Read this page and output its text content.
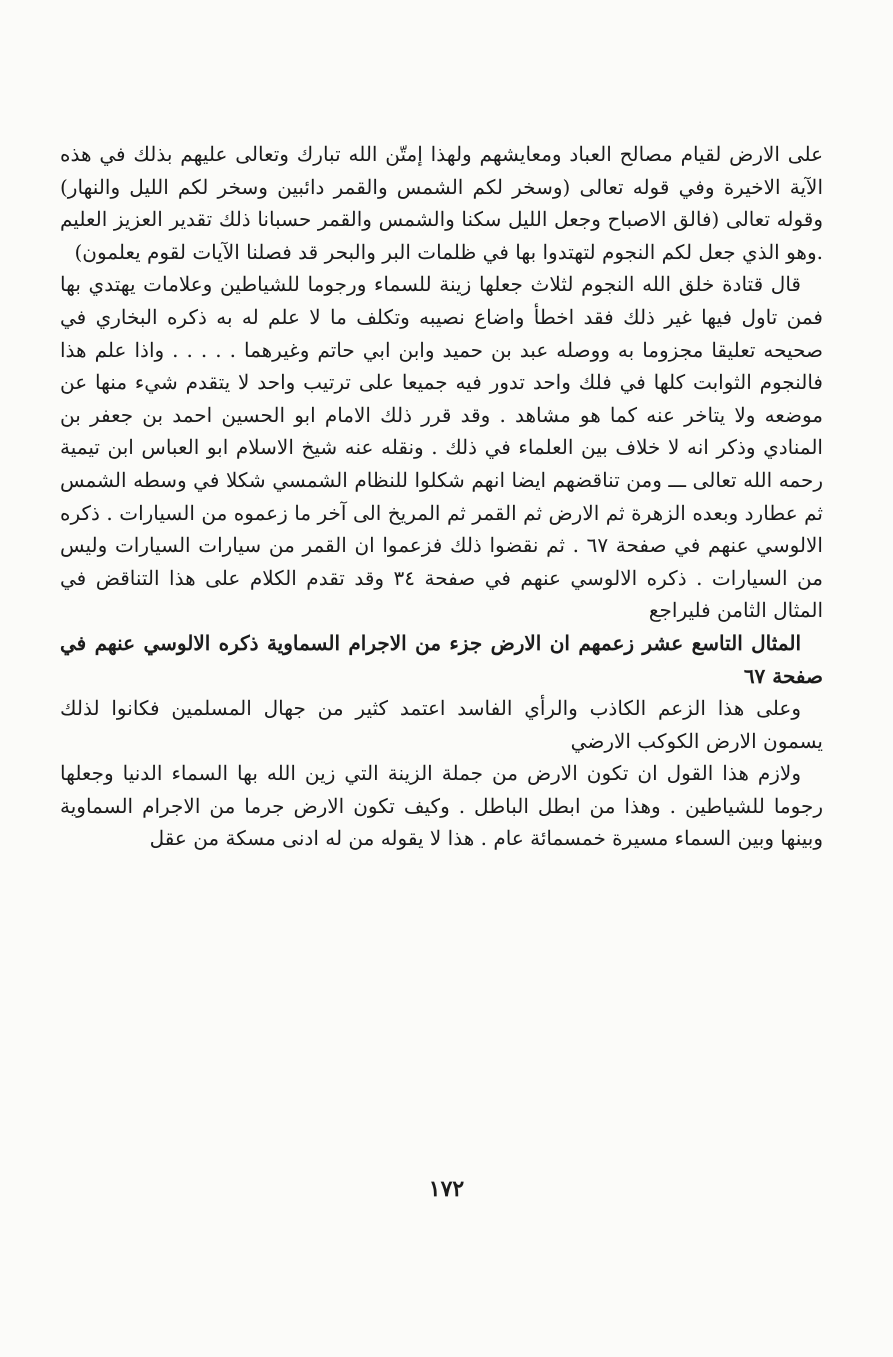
على الارض لقيام مصالح العباد ومعايشهم ولهذا إمتّن الله تبارك وتعالى عليهم بذلك في هذه الآية الاخيرة وفي قوله تعالى (وسخر لكم الشمس والقمر دائبين وسخر لكم الليل والنهار) وقوله تعالى (فالق الاصباح وجعل الليل سكنا والشمس والقمر حسبانا ذلك تقدير العزيز العليم .وهو الذي جعل لكم النجوم لتهتدوا بها في ظلمات البر والبحر قد فصلنا الآيات لقوم يعلمون)

قال قتادة خلق الله النجوم لثلاث جعلها زينة للسماء ورجوما للشياطين وعلامات يهتدي بها فمن تاول فيها غير ذلك فقد اخطأ واضاع نصيبه وتكلف ما لا علم له به ذكره البخاري في صحيحه تعليقا مجزوما به ووصله عبد بن حميد وابن ابي حاتم وغيرهما . . . . . واذا علم هذا فالنجوم الثوابت كلها في فلك واحد تدور فيه جميعا على ترتيب واحد لا يتقدم شيء منها عن موضعه ولا يتاخر عنه كما هو مشاهد . وقد قرر ذلك الامام ابو الحسين احمد بن جعفر بن المنادي وذكر انه لا خلاف بين العلماء في ذلك . ونقله عنه شيخ الاسلام ابو العباس ابن تيمية رحمه الله تعالى ـــ ومن تناقضهم ايضا انهم شكلوا للنظام الشمسي شكلا في وسطه الشمس ثم عطارد وبعده الزهرة ثم الارض ثم القمر ثم المريخ الى آخر ما زعموه من السيارات . ذكره الالوسي عنهم في صفحة ٦٧ . ثم نقضوا ذلك فزعموا ان القمر من سيارات السيارات وليس من السيارات . ذكره الالوسي عنهم في صفحة ٣٤ وقد تقدم الكلام على هذا التناقض في المثال الثامن فليراجع

المثال التاسع عشر زعمهم ان الارض جزء من الاجرام السماوية ذكره الالوسي عنهم في صفحة ٦٧

وعلى هذا الزعم الكاذب والرأي الفاسد اعتمد كثير من جهال المسلمين فكانوا لذلك يسمون الارض الكوكب الارضي

ولازم هذا القول ان تكون الارض من جملة الزينة التي زين الله بها السماء الدنيا وجعلها رجوما للشياطين . وهذا من ابطل الباطل . وكيف تكون الارض جرما من الاجرام السماوية وبينها وبين السماء مسيرة خمسمائة عام . هذا لا يقوله من له ادنى مسكة من عقل

١٧٢
